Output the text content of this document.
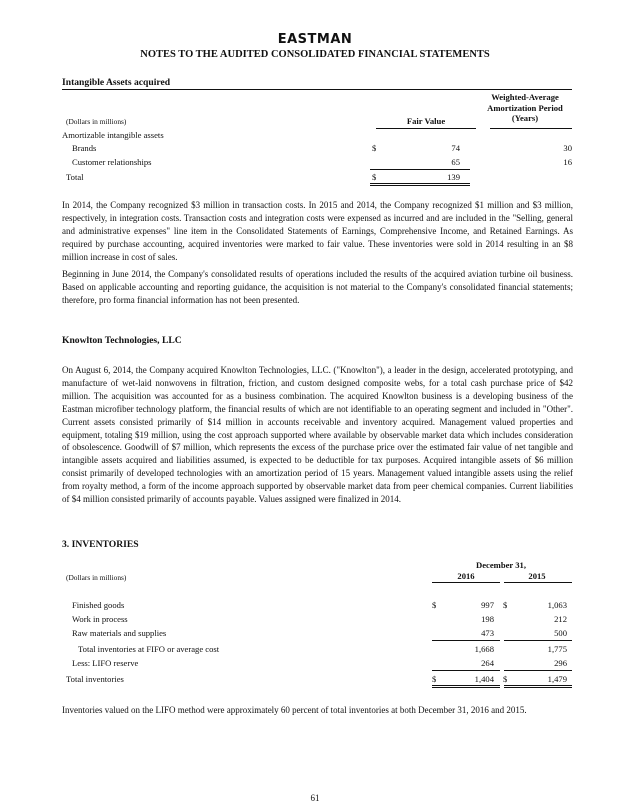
EASTMAN
NOTES TO THE AUDITED CONSOLIDATED FINANCIAL STATEMENTS
Intangible Assets acquired
Weighted-Average
Amortization Period
(Years)
(Dollars in millions)	Fair Value
Amortizable intangible assets
Brands	$	74	30
Customer relationships	65	16
Total	$	139

In 2014, the Company recognized $3 million in transaction costs. In 2015 and 2014, the Company recognized $1 million and $3 million, respectively, in integration costs. Transaction costs and integration costs were expensed as incurred and are included in the "Selling, general and administrative expenses" line item in the Consolidated Statements of Earnings, Comprehensive Income, and Retained Earnings. As required by purchase accounting, acquired inventories were marked to fair value. These inventories were sold in 2014 resulting in an $8 million increase in cost of sales.

Beginning in June 2014, the Company's consolidated results of operations included the results of the acquired aviation turbine oil business. Based on applicable accounting and reporting guidance, the acquisition is not material to the Company's consolidated financial statements; therefore, pro forma financial information has not been presented.

Knowlton Technologies, LLC

On August 6, 2014, the Company acquired Knowlton Technologies, LLC. ("Knowlton"), a leader in the design, accelerated prototyping, and manufacture of wet-laid nonwovens in filtration, friction, and custom designed composite webs, for a total cash purchase price of $42 million. The acquisition was accounted for as a business combination. The acquired Knowlton business is a developing business of the Eastman microfiber technology platform, the financial results of which are not identifiable to an operating segment and included in "Other". Current assets consisted primarily of $14 million in accounts receivable and inventory acquired. Management valued properties and equipment, totaling $19 million, using the cost approach supported where available by observable market data which includes consideration of obsolescence. Goodwill of $7 million, which represents the excess of the purchase price over the estimated fair value of net tangible and intangible assets acquired and liabilities assumed, is expected to be deductible for tax purposes. Acquired intangible assets of $6 million consist primarily of developed technologies with an amortization period of 15 years. Management valued intangible assets using the relief from royalty method, a form of the income approach supported by observable market data from peer chemical companies. Current liabilities of $4 million consisted primarily of accounts payable. Values assigned were finalized in 2014.

3. INVENTORIES
December 31,
(Dollars in millions)	2016	2015
Finished goods	$	997 $	1,063
Work in process	198	212
Raw materials and supplies	473	500
Total inventories at FIFO or average cost	1,668	1,775
Less: LIFO reserve	264	296
Total inventories	$	1,404 $	1,479

Inventories valued on the LIFO method were approximately 60 percent of total inventories at both December 31, 2016 and 2015.

61
